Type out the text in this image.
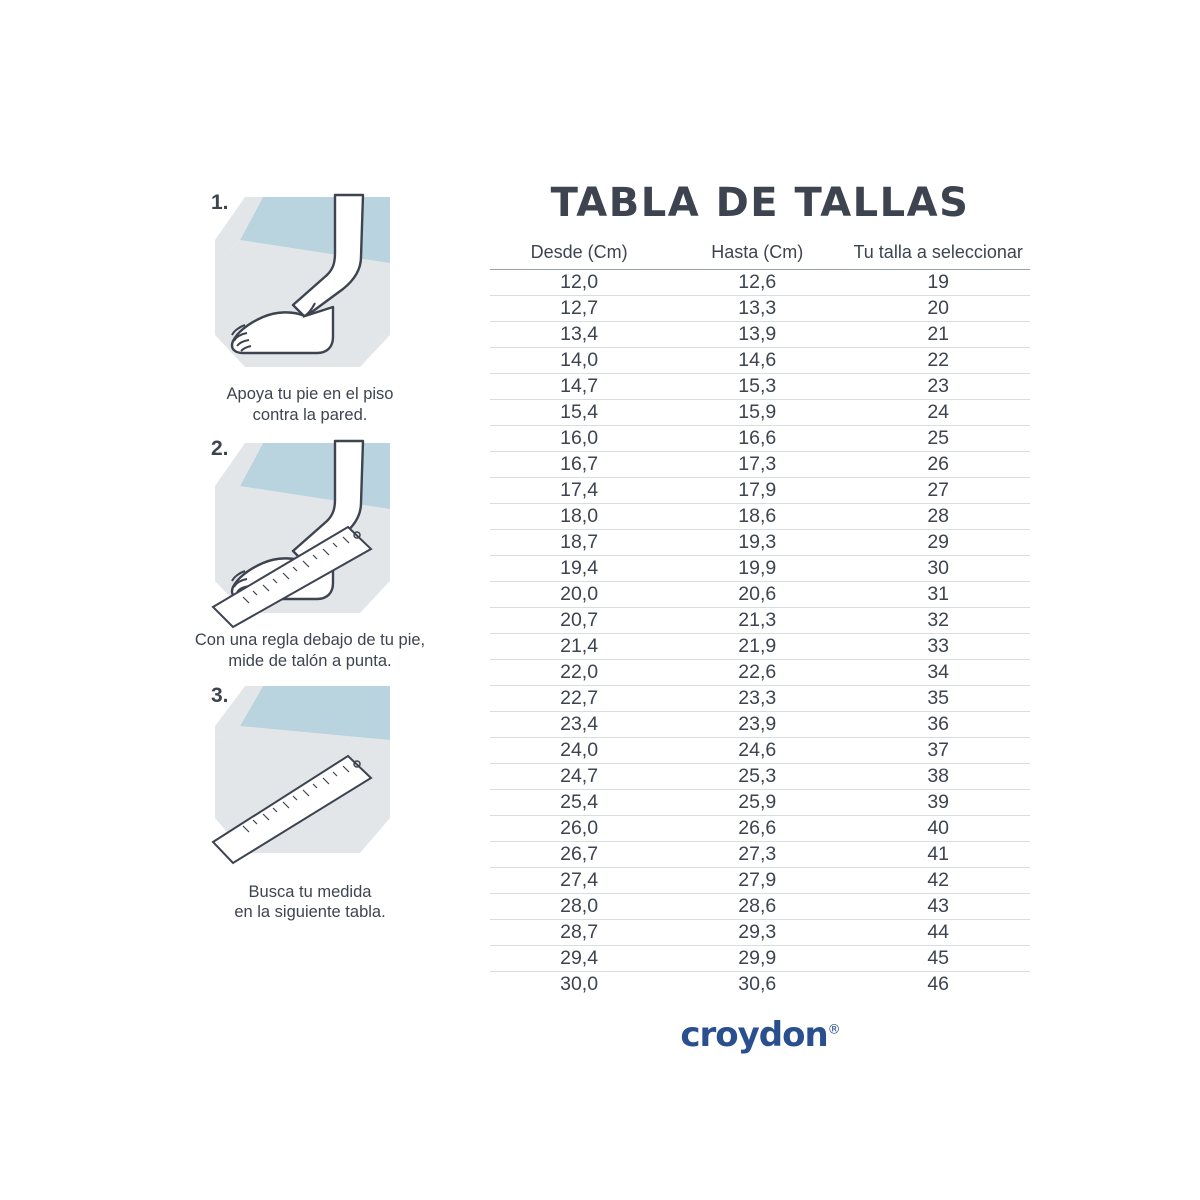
1.
Apoya tu pie en el piso
contra la pared.
2.
Con una regla debajo de tu pie,
mide de talón a punta.
3.
Busca tu medida
en la siguiente tabla.
TABLA DE TALLAS
Desde (Cm)	Hasta (Cm)	Tu talla a seleccionar
12,0	12,6	19
12,7	13,3	20
13,4	13,9	21
14,0	14,6	22
14,7	15,3	23
15,4	15,9	24
16,0	16,6	25
16,7	17,3	26
17,4	17,9	27
18,0	18,6	28
18,7	19,3	29
19,4	19,9	30
20,0	20,6	31
20,7	21,3	32
21,4	21,9	33
22,0	22,6	34
22,7	23,3	35
23,4	23,9	36
24,0	24,6	37
24,7	25,3	38
25,4	25,9	39
26,0	26,6	40
26,7	27,3	41
27,4	27,9	42
28,0	28,6	43
28,7	29,3	44
29,4	29,9	45
30,0	30,6	46
croydon®
